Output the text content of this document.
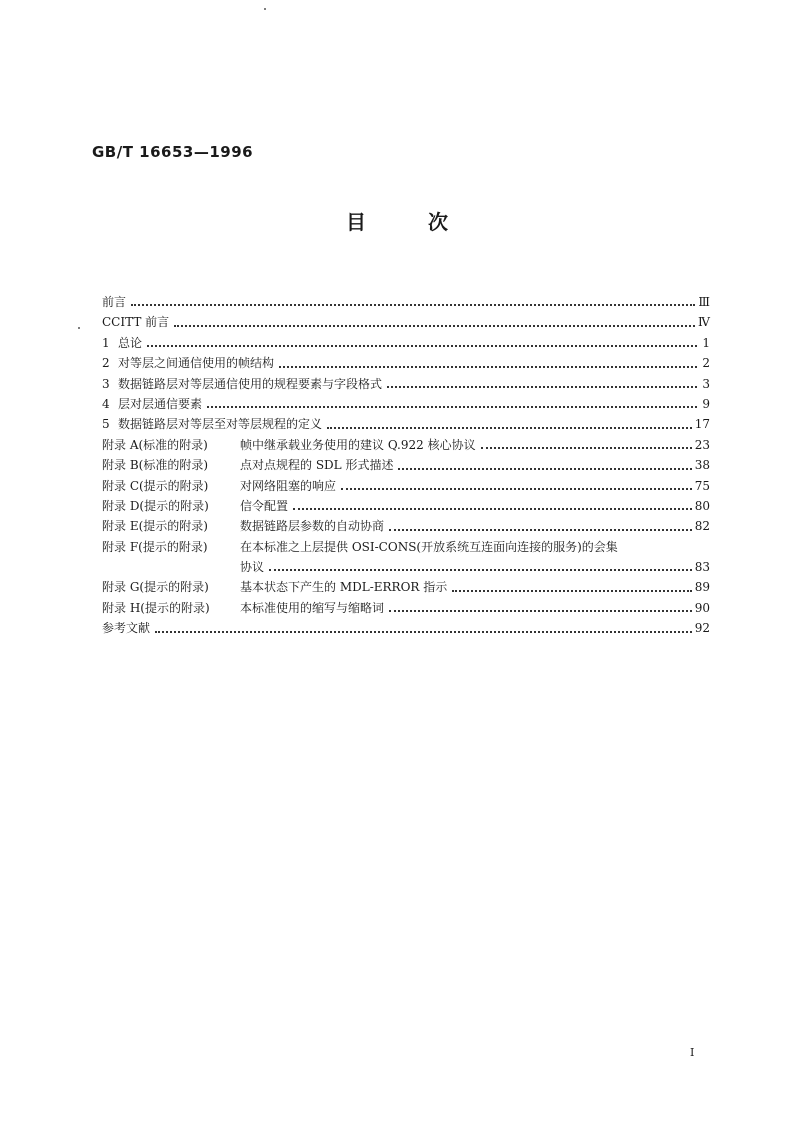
GB/T 16653—1996
目	次
前言	Ⅲ
CCITT 前言	Ⅳ
1 总论	1
2 对等层之间通信使用的帧结构	2
3 数据链路层对等层通信使用的规程要素与字段格式	3
4 层对层通信要素	9
5 数据链路层对等层至对等层规程的定义	17
附录 A(标准的附录)	帧中继承载业务使用的建议 Q.922 核心协议	23
附录 B(标准的附录)	点对点规程的 SDL 形式描述	38
附录 C(提示的附录)	对网络阻塞的响应	75
附录 D(提示的附录)	信令配置	80
附录 E(提示的附录)	数据链路层参数的自动协商	82
附录 F(提示的附录)	在本标准之上层提供 OSI-CONS(开放系统互连面向连接的服务)的会集
协议	83
附录 G(提示的附录)	基本状态下产生的 MDL-ERROR 指示	89
附录 H(提示的附录)	本标准使用的缩写与缩略词	90
参考文献	92
I
